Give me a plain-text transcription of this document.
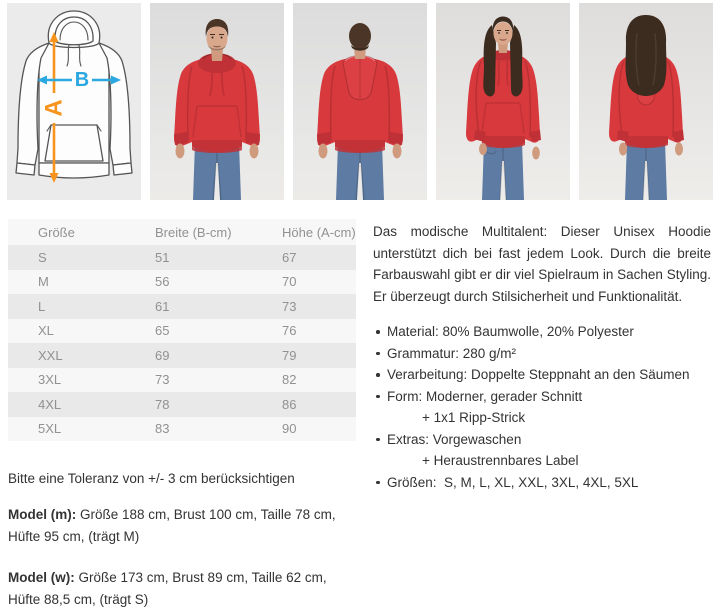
A
B
Größe	Breite (B-cm)	Höhe (A-cm)
S	51	67
M	56	70
L	61	73
XL	65	76
XXL	69	79
3XL	73	82
4XL	78	86
5XL	83	90

Das modische Multitalent: Dieser Unisex Hoodie unterstützt dich bei fast jedem Look. Durch die breite Farbauswahl gibt er dir viel Spielraum in Sachen Styling. Er überzeugt durch Stilsicherheit und Funktionalität.

Material: 80% Baumwolle, 20% Polyester
Grammatur: 280 g/m²
Verarbeitung: Doppelte Steppnaht an den Säumen
Form: Moderner, gerader Schnitt
+ 1x1 Ripp-Strick
Extras: Vorgewaschen
+ Heraustrennbares Label
Größen:  S, M, L, XL, XXL, 3XL, 4XL, 5XL

Bitte eine Toleranz von +/- 3 cm berücksichtigen

Model (m): Größe 188 cm, Brust 100 cm, Taille 78 cm, Hüfte 95 cm, (trägt M)

Model (w): Größe 173 cm, Brust 89 cm, Taille 62 cm, Hüfte 88,5 cm, (trägt S)
